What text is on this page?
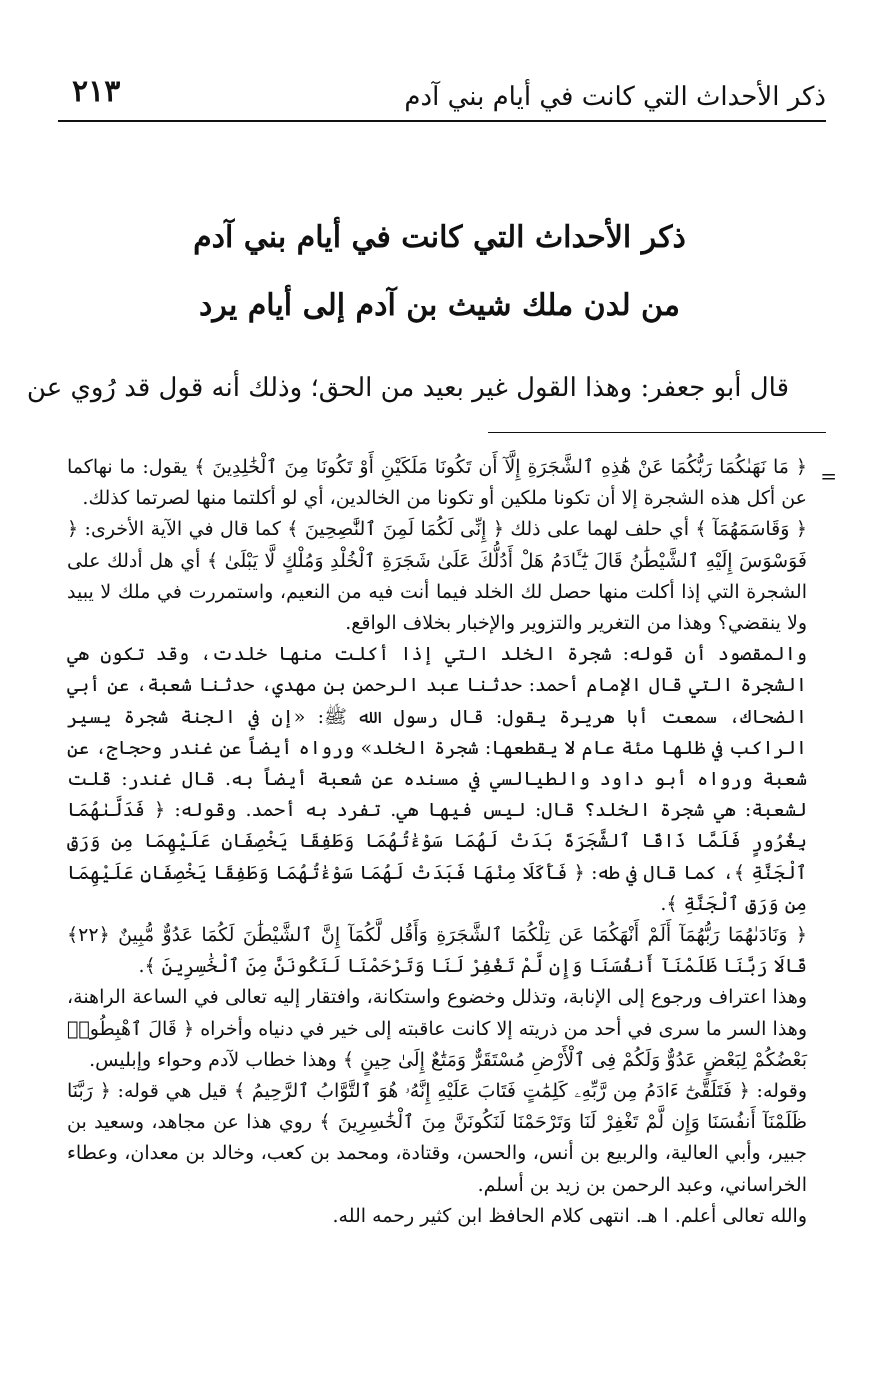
ذكر الأحداث التي كانت في أيام بني آدم
٢١٣
ذكر الأحداث التي كانت في أيام بني آدم
من لدن ملك شيث بن آدم إلى أيام يرد
قال أبو جعفر: وهذا القول غير بعيد من الحق؛ وذلك أنه قول قد رُوي عن
=

﴿ مَا نَهَىٰكُمَا رَبُّكُمَا عَنْ هَٰذِهِ ٱلشَّجَرَةِ إِلَّآ أَن تَكُونَا مَلَكَيْنِ أَوْ تَكُونَا مِنَ ٱلْخَٰلِدِينَ ﴾ يقول: ما نهاكما عن أكل هذه الشجرة إلا أن تكونا ملكين أو تكونا من الخالدين، أي لو أكلتما منها لصرتما كذلك.

﴿ وَقَاسَمَهُمَآ ﴾ أي حلف لهما على ذلك ﴿ إِنِّى لَكُمَا لَمِنَ ٱلنَّٰصِحِينَ ﴾ كما قال في الآية الأخرى: ﴿ فَوَسْوَسَ إِلَيْهِ ٱلشَّيْطَٰنُ قَالَ يَٰٓـَٔادَمُ هَلْ أَدُلُّكَ عَلَىٰ شَجَرَةِ ٱلْخُلْدِ وَمُلْكٍ لَّا يَبْلَىٰ ﴾ أي هل أدلك على الشجرة التي إذا أكلت منها حصل لك الخلد فيما أنت فيه من النعيم، واستمررت في ملك لا يبيد ولا ينقضي؟ وهذا من التغرير والتزوير والإخبار بخلاف الواقع.

والمقصود أن قوله: شجرة الخلد التي إذا أكلت منها خلدت، وقد تكون هي الشجرة التي قال الإمام أحمد: حدثنا عبد الرحمن بن مهدي، حدثنا شعبة، عن أبي الضحاك، سمعت أبا هريرة يقول: قال رسول الله ﷺ: «إن في الجنة شجرة يسير الراكب في ظلها مئة عام لا يقطعها: شجرة الخلد» ورواه أيضاً عن غندر وحجاج، عن شعبة ورواه أبو داود والطيالسي في مسنده عن شعبة أيضاً به. قال غندر: قلت لشعبة: هي شجرة الخلد؟ قال: ليس فيها هي. تفرد به أحمد. وقوله: ﴿ فَدَلَّىٰهُمَا بِغُرُورٍ فَلَمَّا ذَاقَا ٱلشَّجَرَةَ بَدَتْ لَهُمَا سَوْءَٰتُهُمَا وَطَفِقَا يَخْصِفَانِ عَلَيْهِمَا مِن وَرَقِ ٱلْجَنَّةِ ﴾، كما قال في طه: ﴿ فَأَكَلَا مِنْهَا فَبَدَتْ لَهُمَا سَوْءَٰتُهُمَا وَطَفِقَا يَخْصِفَانِ عَلَيْهِمَا مِن وَرَقِ ٱلْجَنَّةِ ﴾.

﴿ وَنَادَىٰهُمَا رَبُّهُمَآ أَلَمْ أَنْهَكُمَا عَن تِلْكُمَا ٱلشَّجَرَةِ وَأَقُل لَّكُمَآ إِنَّ ٱلشَّيْطَٰنَ لَكُمَا عَدُوٌّ مُّبِينٌ ﴿٢٢﴾ قَالَا رَبَّنَا ظَلَمْنَآ أَنفُسَنَا وَإِن لَّمْ تَغْفِرْ لَنَا وَتَرْحَمْنَا لَنَكُونَنَّ مِنَ ٱلْخَٰسِرِينَ ﴾.

وهذا اعتراف ورجوع إلى الإنابة، وتذلل وخضوع واستكانة، وافتقار إليه تعالى في الساعة الراهنة، وهذا السر ما سرى في أحد من ذريته إلا كانت عاقبته إلى خير في دنياه وأخراه ﴿ قَالَ ٱهْبِطُوا۟ بَعْضُكُمْ لِبَعْضٍ عَدُوٌّ وَلَكُمْ فِى ٱلْأَرْضِ مُسْتَقَرٌّ وَمَتَٰعٌ إِلَىٰ حِينٍ ﴾ وهذا خطاب لآدم وحواء وإبليس.

وقوله: ﴿ فَتَلَقَّىٰٓ ءَادَمُ مِن رَّبِّهِۦ كَلِمَٰتٍ فَتَابَ عَلَيْهِ إِنَّهُۥ هُوَ ٱلتَّوَّابُ ٱلرَّحِيمُ ﴾ قيل هي قوله: ﴿ رَبَّنَا ظَلَمْنَآ أَنفُسَنَا وَإِن لَّمْ تَغْفِرْ لَنَا وَتَرْحَمْنَا لَنَكُونَنَّ مِنَ ٱلْخَٰسِرِينَ ﴾ روي هذا عن مجاهد، وسعيد بن جبير، وأبي العالية، والربيع بن أنس، والحسن، وقتادة، ومحمد بن كعب، وخالد بن معدان، وعطاء الخراساني، وعبد الرحمن بن زيد بن أسلم.

والله تعالى أعلم. ا هـ. انتهى كلام الحافظ ابن كثير رحمه الله.
